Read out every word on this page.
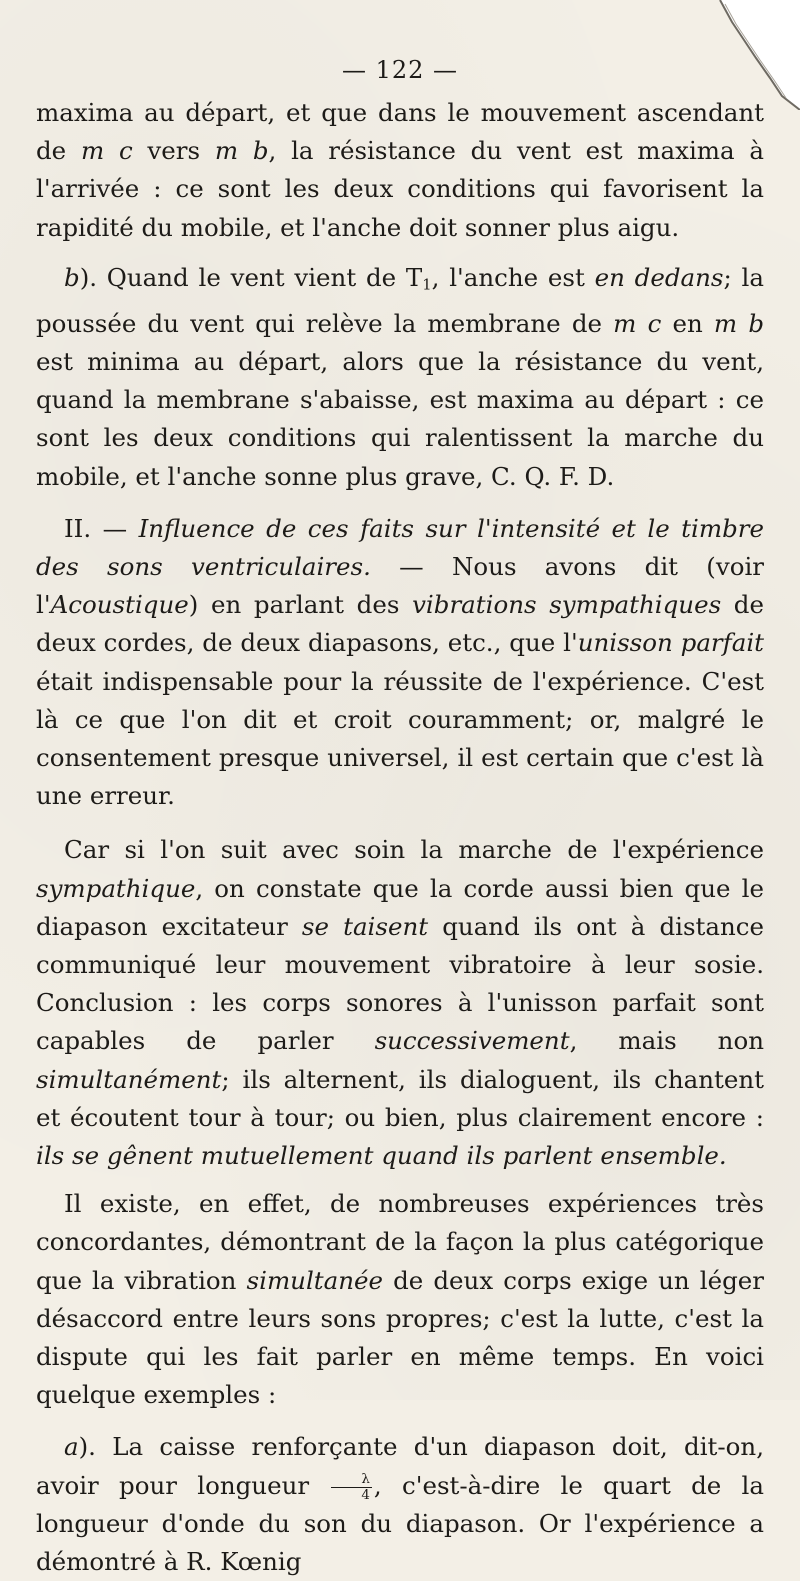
— 122 —

maxima au départ, et que dans le mouvement ascendant de m c vers m b, la résistance du vent est maxima à l'arrivée : ce sont les deux conditions qui favorisent la rapidité du mobile, et l'anche doit sonner plus aigu.

b). Quand le vent vient de $T_1$, l'anche est en dedans; la poussée du vent qui relève la membrane de m c en m b est minima au départ, alors que la résistance du vent, quand la membrane s'abaisse, est maxima au départ : ce sont les deux conditions qui ralentissent la marche du mobile, et l'anche sonne plus grave, C. Q. F. D.

II. — Influence de ces faits sur l'intensité et le timbre des sons ventriculaires. — Nous avons dit (voir l'Acoustique) en parlant des vibrations sympathiques de deux cordes, de deux diapasons, etc., que l'unisson parfait était indispensable pour la réussite de l'expérience. C'est là ce que l'on dit et croit couramment; or, malgré le consentement presque universel, il est certain que c'est là une erreur.

Car si l'on suit avec soin la marche de l'expérience sympathique, on constate que la corde aussi bien que le diapason excitateur se taisent quand ils ont à distance communiqué leur mouvement vibratoire à leur sosie. Conclusion : les corps sonores à l'unisson parfait sont capables de parler successivement, mais non simultanément; ils alternent, ils dialoguent, ils chantent et écoutent tour à tour; ou bien, plus clairement encore : ils se gênent mutuellement quand ils parlent ensemble.

Il existe, en effet, de nombreuses expériences très concordantes, démontrant de la façon la plus catégorique que la vibration simultanée de deux corps exige un léger désaccord entre leurs sons propres; c'est la lutte, c'est la dispute qui les fait parler en même temps. En voici quelque exemples :

a). La caisse renforçante d'un diapason doit, dit-on, avoir pour longueur $\frac{\lambda}{4}$ , c'est-à-dire le quart de la longueur d'onde du son du diapason. Or l'expérience a démontré à R. Kœnig
